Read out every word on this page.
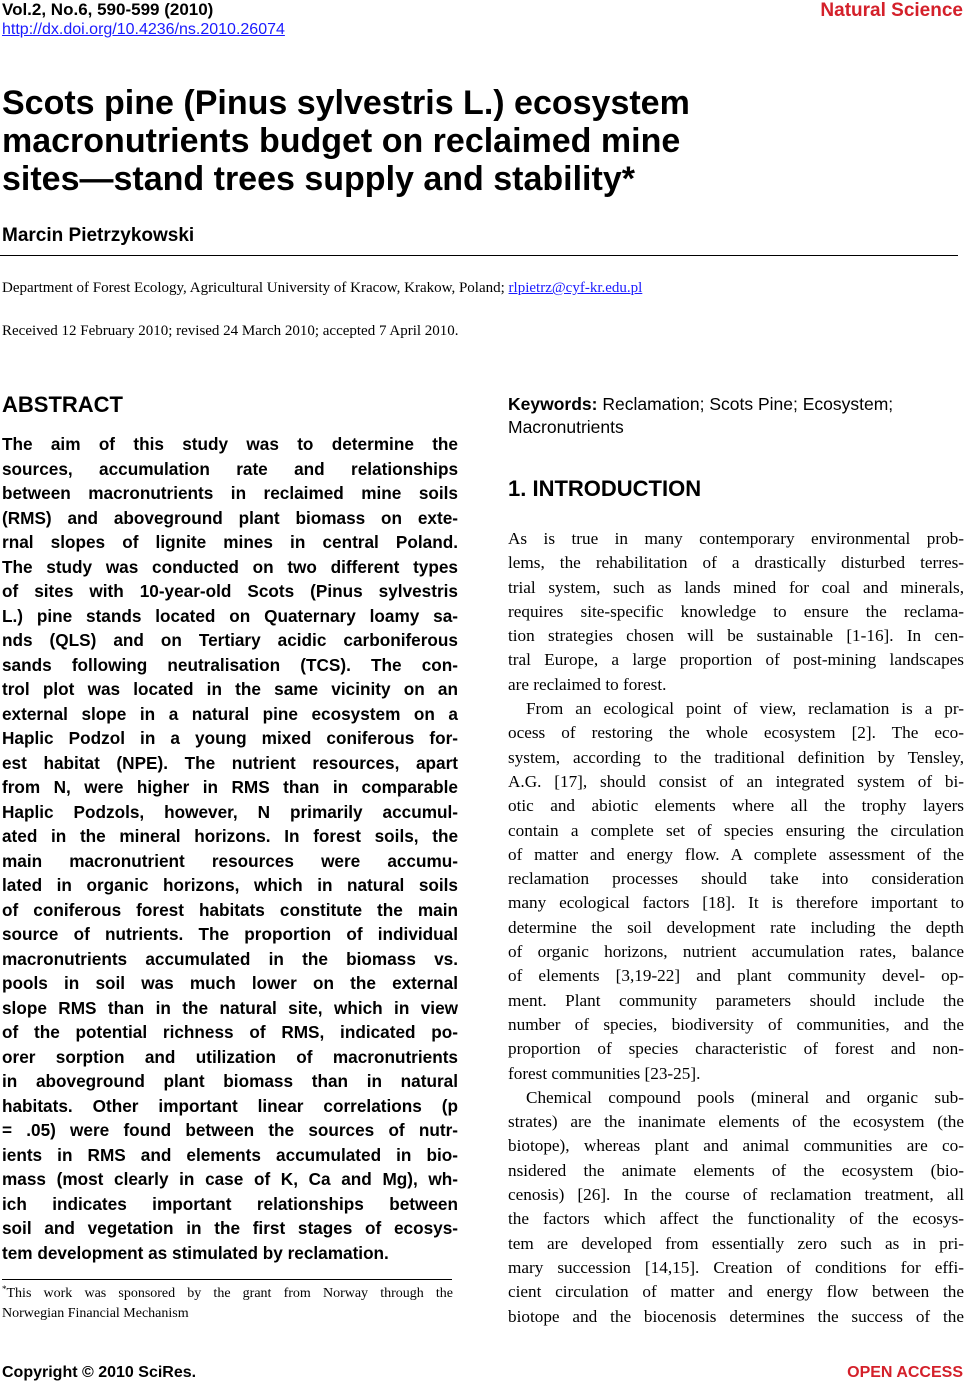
Vol.2, No.6, 590-599 (2010)
http://dx.doi.org/10.4236/ns.2010.26074
Natural Science
Scots pine (Pinus sylvestris L.) ecosystem
macronutrients budget on reclaimed mine
sites—stand trees supply and stability*
Marcin Pietrzykowski
Department of Forest Ecology, Agricultural University of Kracow, Krakow, Poland; rlpietrz@cyf-kr.edu.pl
Received 12 February 2010; revised 24 March 2010; accepted 7 April 2010.
ABSTRACT
The aim of this study was to determine the
sources, accumulation rate and relationships
between macronutrients in reclaimed mine soils
(RMS) and aboveground plant biomass on exte-
rnal slopes of lignite mines in central Poland.
The study was conducted on two different types
of sites with 10-year-old Scots (Pinus sylvestris
L.) pine stands located on Quaternary loamy sa-
nds (QLS) and on Tertiary acidic carboniferous
sands following neutralisation (TCS). The con-
trol plot was located in the same vicinity on an
external slope in a natural pine ecosystem on a
Haplic Podzol in a young mixed coniferous for-
est habitat (NPE). The nutrient resources, apart
from N, were higher in RMS than in comparable
Haplic Podzols, however, N primarily accumul-
ated in the mineral horizons. In forest soils, the
main macronutrient resources were accumu-
lated in organic horizons, which in natural soils
of coniferous forest habitats constitute the main
source of nutrients. The proportion of individual
macronutrients accumulated in the biomass vs.
pools in soil was much lower on the external
slope RMS than in the natural site, which in view
of the potential richness of RMS, indicated po-
orer sorption and utilization of macronutrients
in aboveground plant biomass than in natural
habitats. Other important linear correlations (p
= .05) were found between the sources of nutr-
ients in RMS and elements accumulated in bio-
mass (most clearly in case of K, Ca and Mg), wh-
ich indicates important relationships between
soil and vegetation in the first stages of ecosys-
tem development as stimulated by reclamation.
*This work was sponsored by the grant from Norway through the
Norwegian Financial Mechanism
Keywords: Reclamation; Scots Pine; Ecosystem; Macronutrients
1. INTRODUCTION
As is true in many contemporary environmental prob-
lems, the rehabilitation of a drastically disturbed terres-
trial system, such as lands mined for coal and minerals,
requires site-specific knowledge to ensure the reclama-
tion strategies chosen will be sustainable [1-16]. In cen-
tral Europe, a large proportion of post-mining landscapes
are reclaimed to forest.
From an ecological point of view, reclamation is a pr-
ocess of restoring the whole ecosystem [2]. The eco-
system, according to the traditional definition by Tensley,
A.G. [17], should consist of an integrated system of bi-
otic and abiotic elements where all the trophy layers
contain a complete set of species ensuring the circulation
of matter and energy flow. A complete assessment of the
reclamation processes should take into consideration
many ecological factors [18]. It is therefore important to
determine the soil development rate including the depth
of organic horizons, nutrient accumulation rates, balance
of elements [3,19-22] and plant community devel- op-
ment. Plant community parameters should include the
number of species, biodiversity of communities, and the
proportion of species characteristic of forest and non-
forest communities [23-25].
Chemical compound pools (mineral and organic sub-
strates) are the inanimate elements of the ecosystem (the
biotope), whereas plant and animal communities are co-
nsidered the animate elements of the ecosystem (bio-
cenosis) [26]. In the course of reclamation treatment, all
the factors which affect the functionality of the ecosys-
tem are developed from essentially zero such as in pri-
mary succession [14,15]. Creation of conditions for effi-
cient circulation of matter and energy flow between the
biotope and the biocenosis determines the success of the
Copyright © 2010 SciRes.	OPEN ACCESS
